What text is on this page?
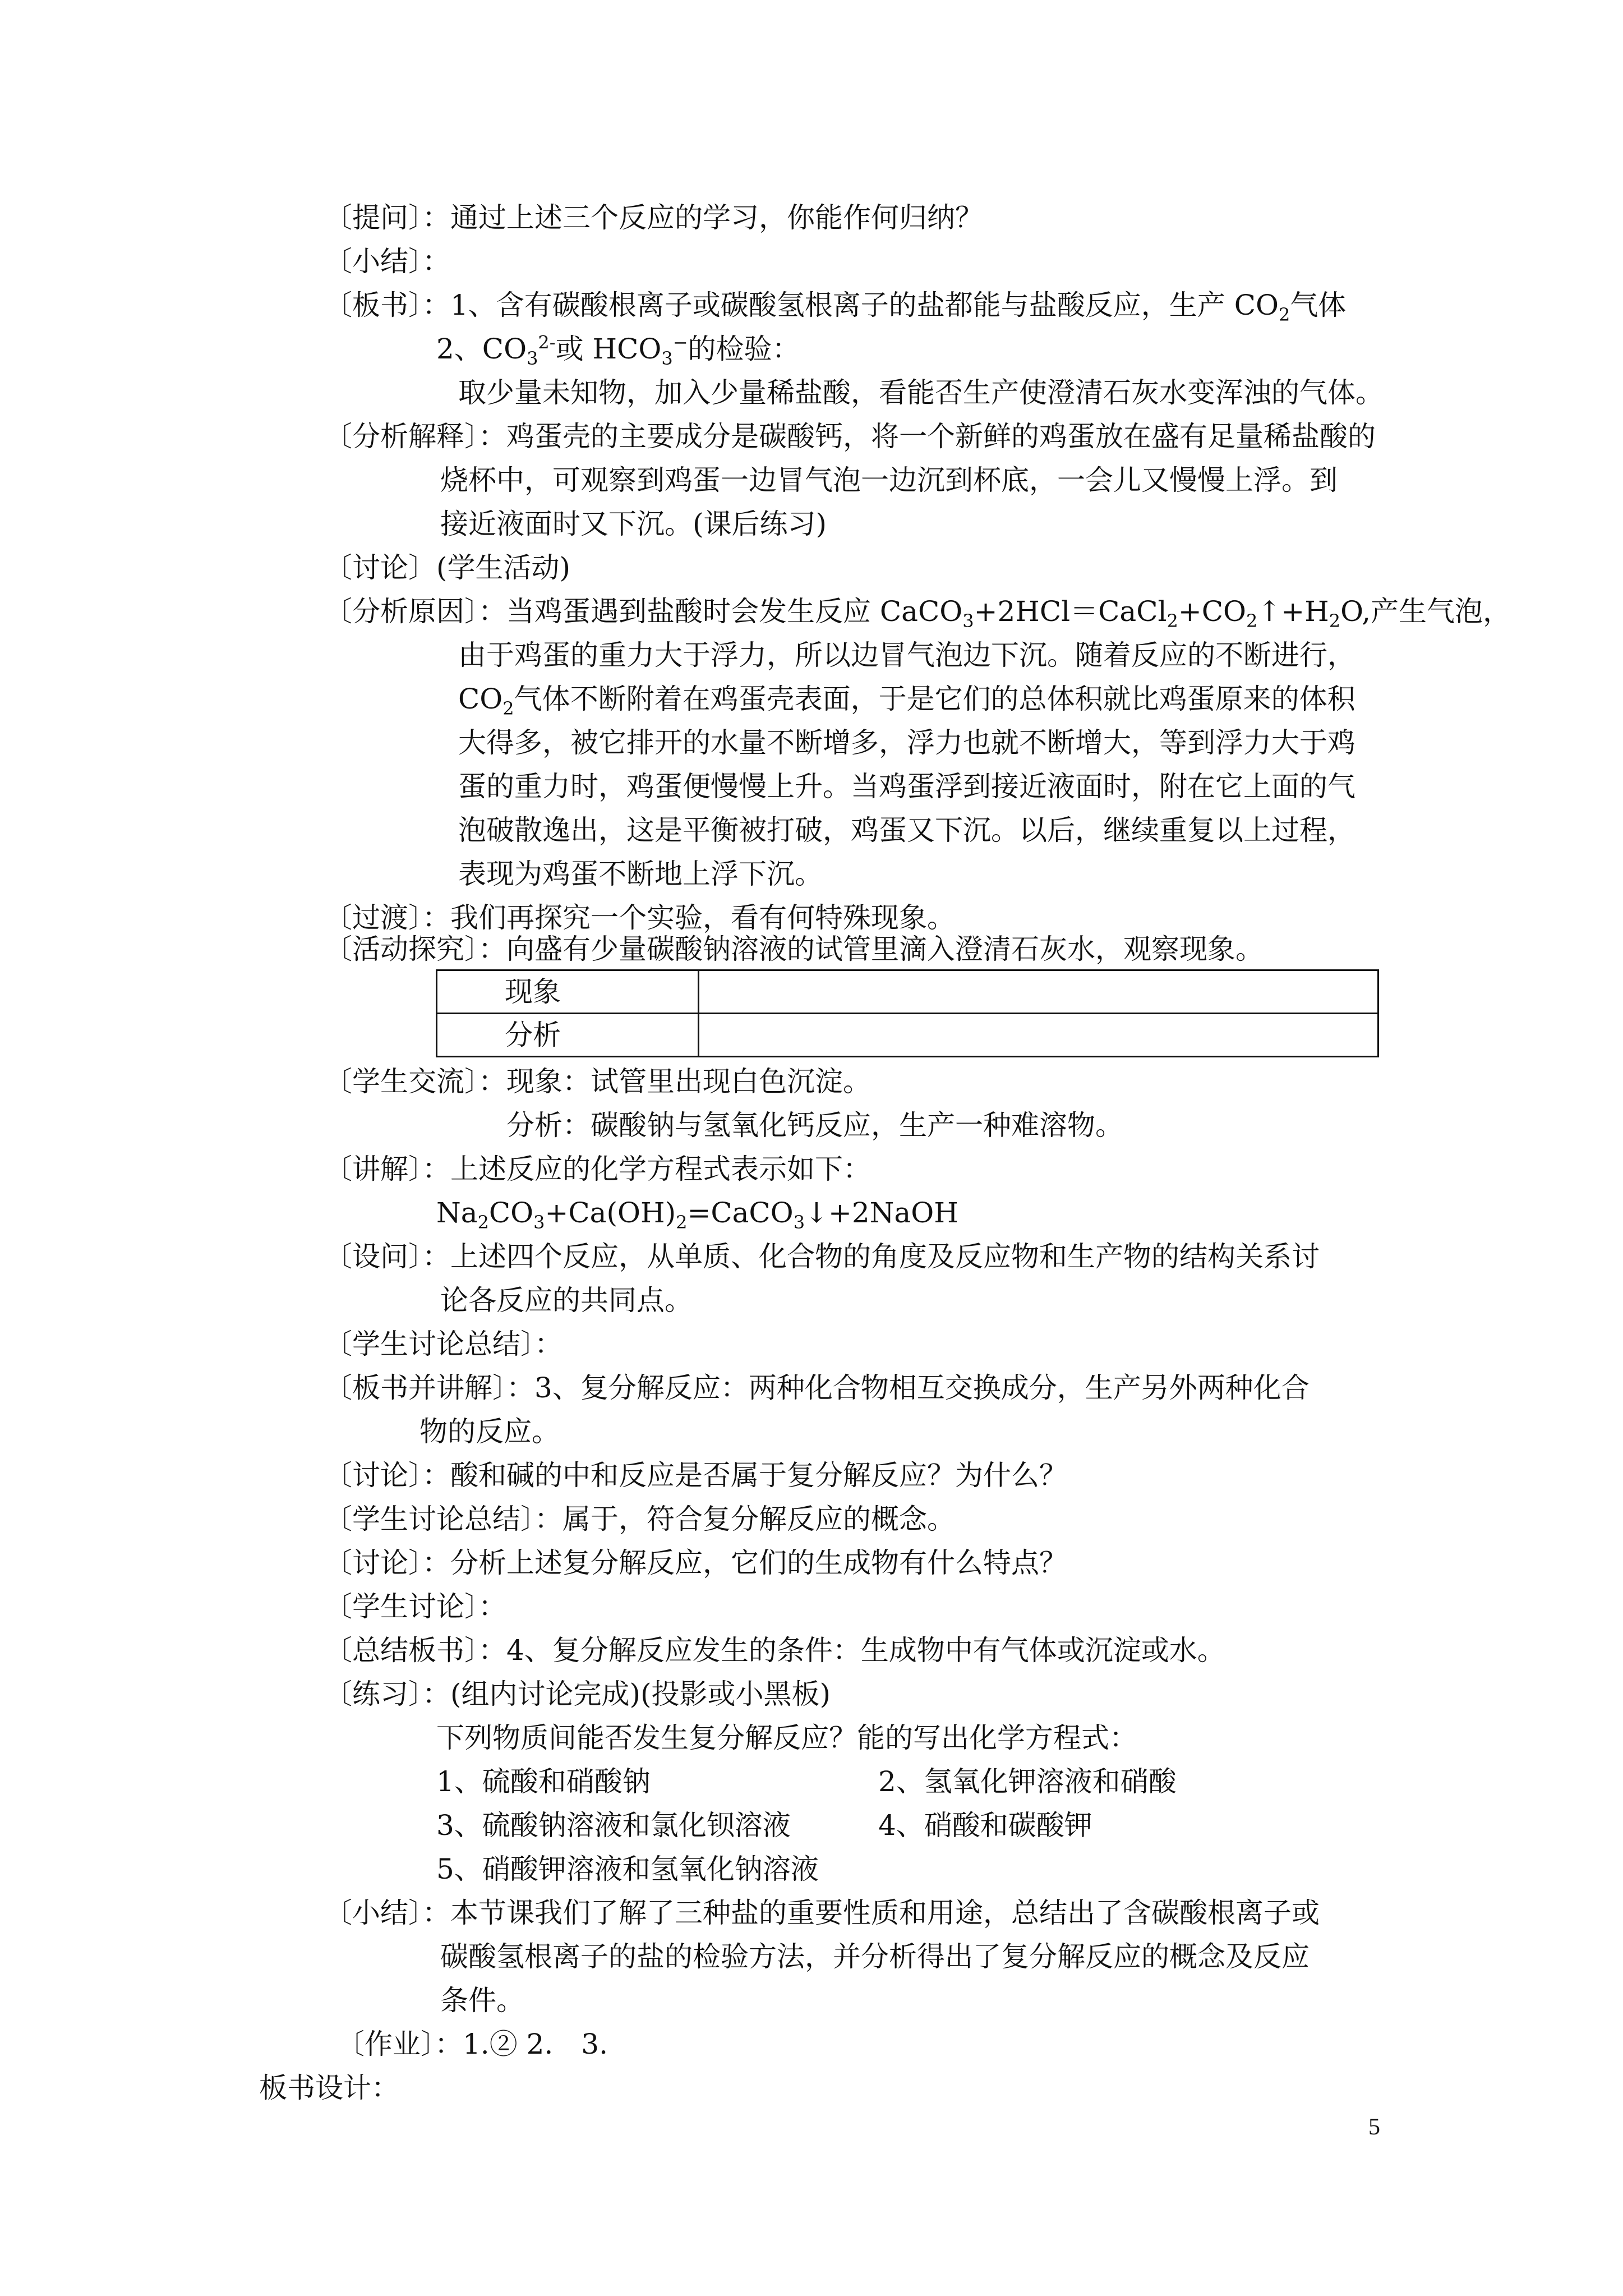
〔提问〕：通过上述三个反应的学习，你能作何归纳？
〔小结〕：
〔板书〕：1、含有碳酸根离子或碳酸氢根离子的盐都能与盐酸反应，生产 $CO_2$气体
2、$CO_3^{2-}$或 $HCO_3^-$的检验：
取少量未知物，加入少量稀盐酸，看能否生产使澄清石灰水变浑浊的气体。
〔分析解释〕：鸡蛋壳的主要成分是碳酸钙，将一个新鲜的鸡蛋放在盛有足量稀盐酸的
烧杯中，可观察到鸡蛋一边冒气泡一边沉到杯底，一会儿又慢慢上浮。到
接近液面时又下沉。(课后练习)
〔讨论〕(学生活动)
〔分析原因〕：当鸡蛋遇到盐酸时会发生反应 $CaCO_3+2HCl=CaCl_2+CO_2↑+H_2O$,产生气泡，
由于鸡蛋的重力大于浮力，所以边冒气泡边下沉。随着反应的不断进行，
$CO_2$气体不断附着在鸡蛋壳表面，于是它们的总体积就比鸡蛋原来的体积
大得多，被它排开的水量不断增多，浮力也就不断增大，等到浮力大于鸡
蛋的重力时，鸡蛋便慢慢上升。当鸡蛋浮到接近液面时，附在它上面的气
泡破散逸出，这是平衡被打破，鸡蛋又下沉。以后，继续重复以上过程，
表现为鸡蛋不断地上浮下沉。
〔过渡〕：我们再探究一个实验，看有何特殊现象。
〔活动探究〕：向盛有少量碳酸钠溶液的试管里滴入澄清石灰水，观察现象。
现象	
分析	
〔学生交流〕：现象：试管里出现白色沉淀。
分析：碳酸钠与氢氧化钙反应，生产一种难溶物。
〔讲解〕：上述反应的化学方程式表示如下：
$Na_2CO_3+Ca(OH)_2=CaCO_3↓+2NaOH$
〔设问〕：上述四个反应，从单质、化合物的角度及反应物和生产物的结构关系讨
论各反应的共同点。
〔学生讨论总结〕：
〔板书并讲解〕：3、复分解反应：两种化合物相互交换成分，生产另外两种化合
物的反应。
〔讨论〕：酸和碱的中和反应是否属于复分解反应？为什么？
〔学生讨论总结〕：属于，符合复分解反应的概念。
〔讨论〕：分析上述复分解反应，它们的生成物有什么特点？
〔学生讨论〕：
〔总结板书〕：4、复分解反应发生的条件：生成物中有气体或沉淀或水。
〔练习〕：(组内讨论完成)(投影或小黑板)
下列物质间能否发生复分解反应？能的写出化学方程式：
1、硫酸和硝酸钠	2、氢氧化钾溶液和硝酸
3、硫酸钠溶液和氯化钡溶液	4、硝酸和碳酸钾
5、硝酸钾溶液和氢氧化钠溶液
〔小结〕：本节课我们了解了三种盐的重要性质和用途，总结出了含碳酸根离子或
碳酸氢根离子的盐的检验方法，并分析得出了复分解反应的概念及反应
条件。
〔作业〕：1.② 2.　3.
板书设计：
5
